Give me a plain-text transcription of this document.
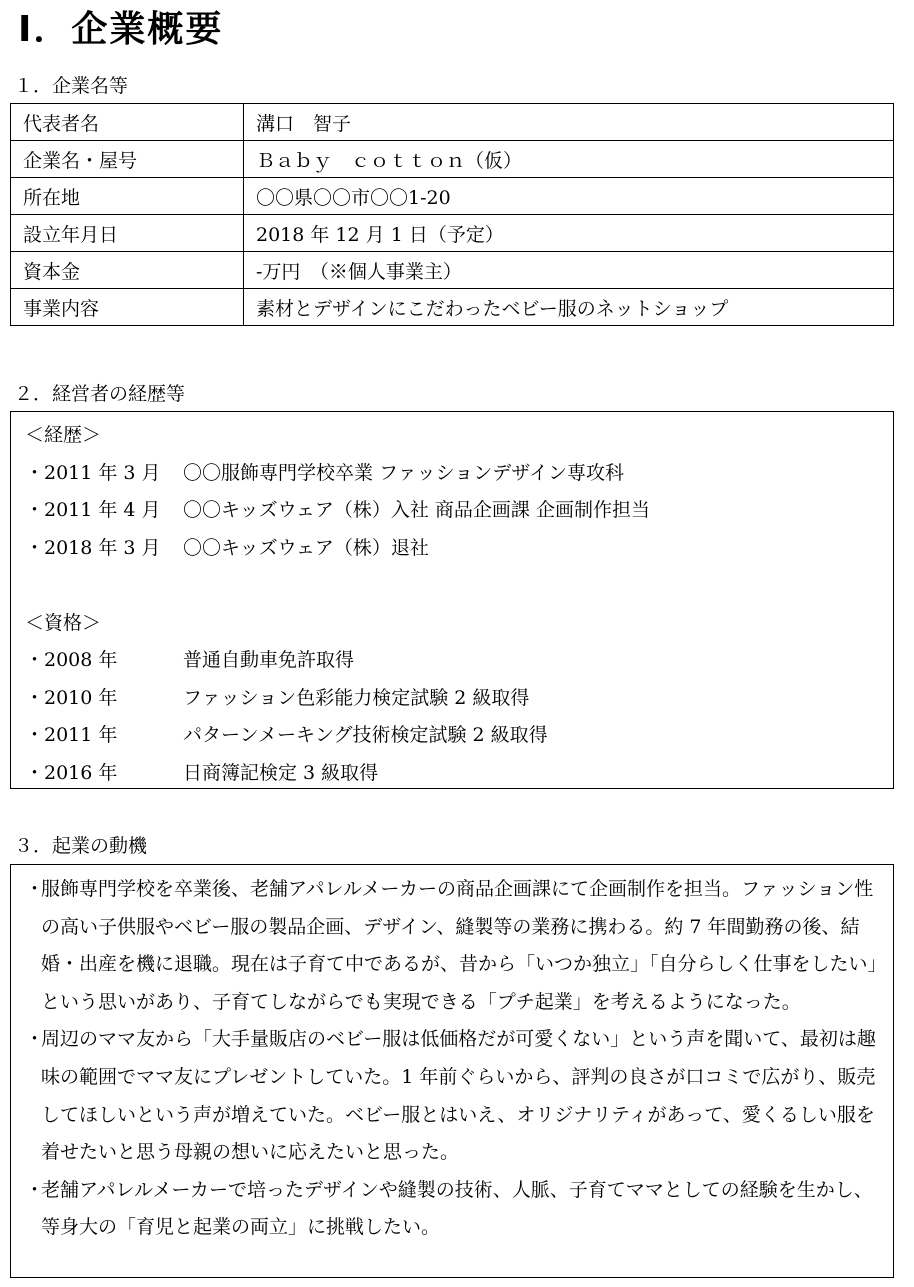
Ⅰ．企業概要
１．企業名等
代表者名	溝口　智子
企業名・屋号	Ｂａｂｙ　ｃｏｔｔｏｎ（仮）
所在地	〇〇県〇〇市〇〇1-20
設立年月日	2018 年 12 月 1 日（予定）
資本金	-万円　（※個人事業主）
事業内容	素材とデザインにこだわったベビー服のネットショップ
２．経営者の経歴等
＜経歴＞
・2011 年 3 月 〇〇服飾専門学校卒業 ファッションデザイン専攻科
・2011 年 4 月 〇〇キッズウェア（株）入社 商品企画課 企画制作担当
・2018 年 3 月 〇〇キッズウェア（株）退社
＜資格＞
・2008 年	普通自動車免許取得
・2010 年	ファッション色彩能力検定試験 2 級取得
・2011 年	パターンメーキング技術検定試験 2 級取得
・2016 年	日商簿記検定 3 級取得
３．起業の動機
・
服飾専門学校を卒業後、老舗アパレルメーカーの商品企画課にて企画制作を担当。ファッション性の高い子供服やベビー服の製品企画、デザイン、縫製等の業務に携わる。約 7 年間勤務の後、結婚・出産を機に退職。現在は子育て中であるが、昔から「いつか独立」「自分らしく仕事をしたい」という思いがあり、子育てしながらでも実現できる「プチ起業」を考えるようになった。
・
周辺のママ友から「大手量販店のベビー服は低価格だが可愛くない」という声を聞いて、最初は趣味の範囲でママ友にプレゼントしていた。1 年前ぐらいから、評判の良さが口コミで広がり、販売してほしいという声が増えていた。ベビー服とはいえ、オリジナリティがあって、愛くるしい服を着せたいと思う母親の想いに応えたいと思った。
・
老舗アパレルメーカーで培ったデザインや縫製の技術、人脈、子育てママとしての経験を生かし、等身大の「育児と起業の両立」に挑戦したい。
